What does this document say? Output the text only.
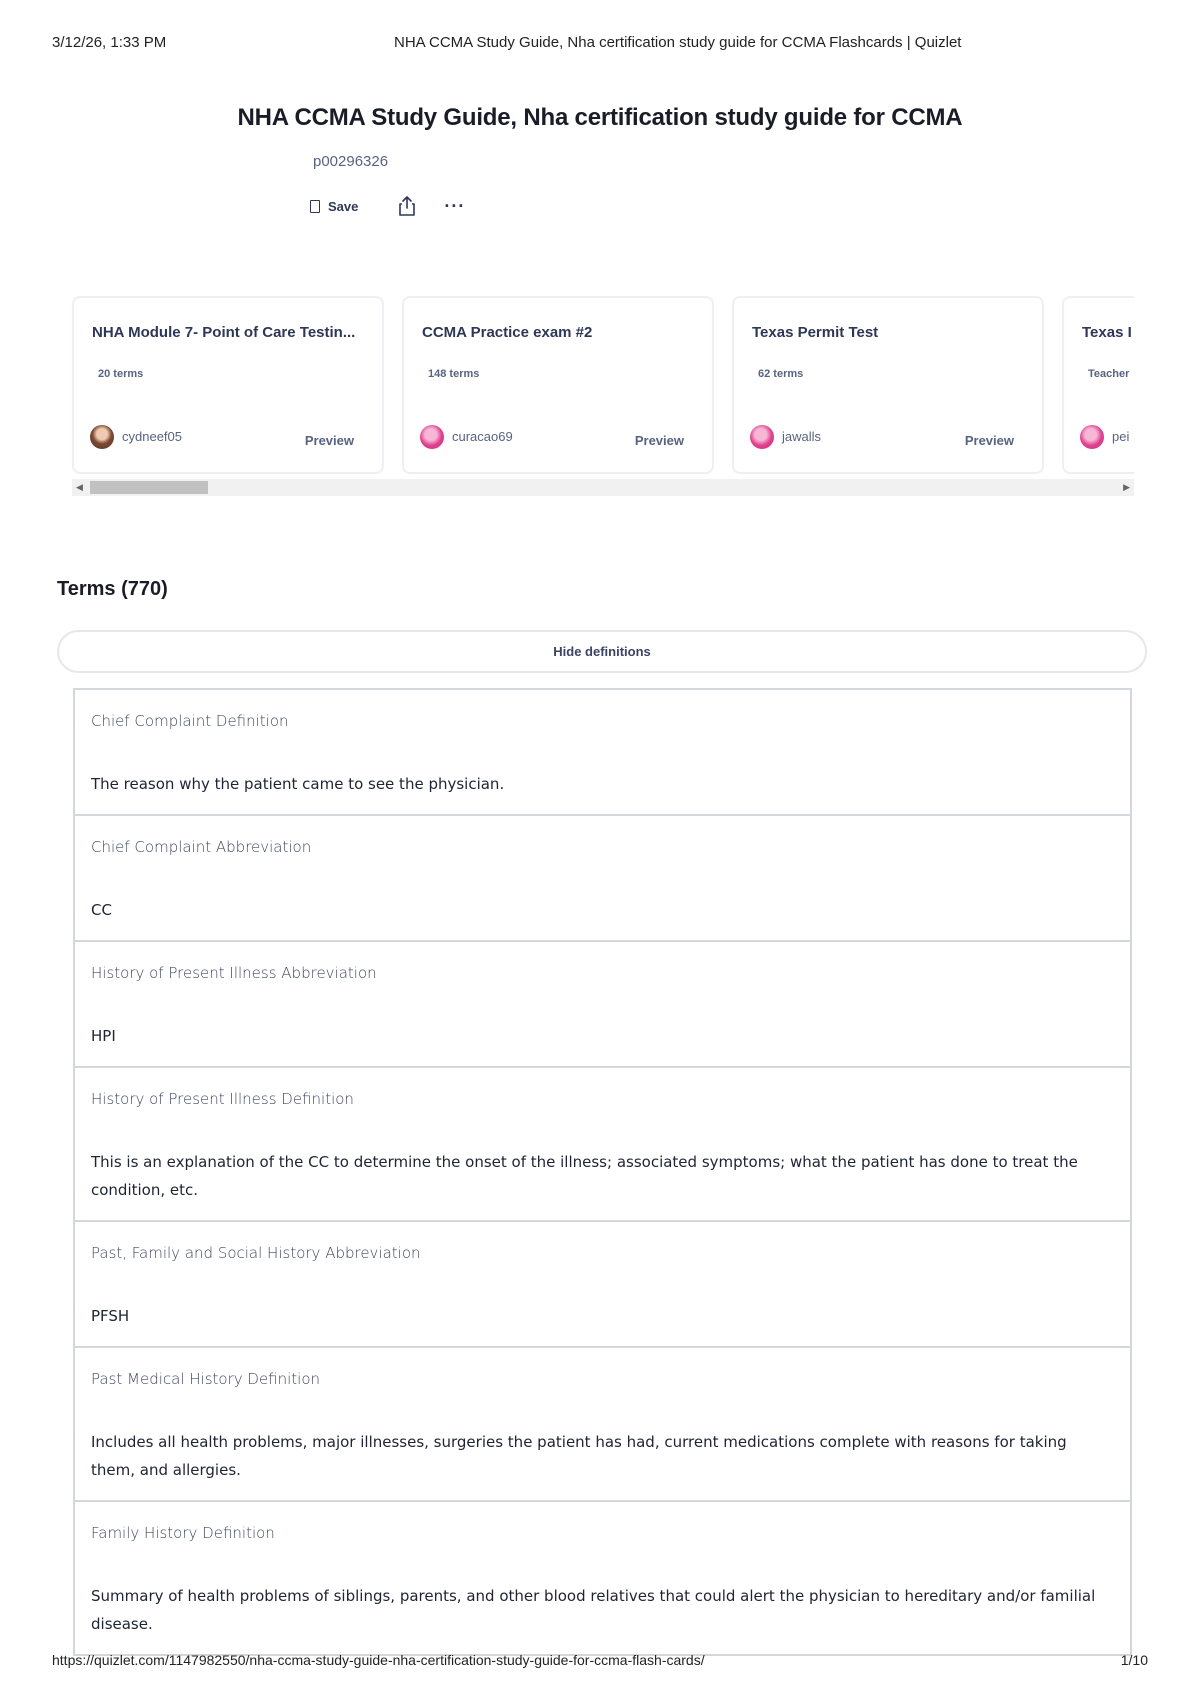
3/12/26, 1:33 PM	NHA CCMA Study Guide, Nha certification study guide for CCMA Flashcards | Quizlet
NHA CCMA Study Guide, Nha certification study guide for CCMA
p00296326
Save	···
NHA Module 7- Point of Care Testin...
20 terms
cydneef05	Preview
CCMA Practice exam #2
148 terms
curacao69	Preview
Texas Permit Test
62 terms
jawalls	Preview
Texas I
Teacher
pei
◀	▶
Terms (770)
Hide definitions
Chief Complaint Definition
The reason why the patient came to see the physician.
Chief Complaint Abbreviation
CC
History of Present Illness Abbreviation
HPI
History of Present Illness Definition
This is an explanation of the CC to determine the onset of the illness; associated symptoms; what the patient has done to treat the condition, etc.
Past, Family and Social History Abbreviation
PFSH
Past Medical History Definition
Includes all health problems, major illnesses, surgeries the patient has had, current medications complete with reasons for taking them, and allergies.
Family History Definition
Summary of health problems of siblings, parents, and other blood relatives that could alert the physician to hereditary and/or familial disease.
https://quizlet.com/1147982550/nha-ccma-study-guide-nha-certification-study-guide-for-ccma-flash-cards/	1/10
